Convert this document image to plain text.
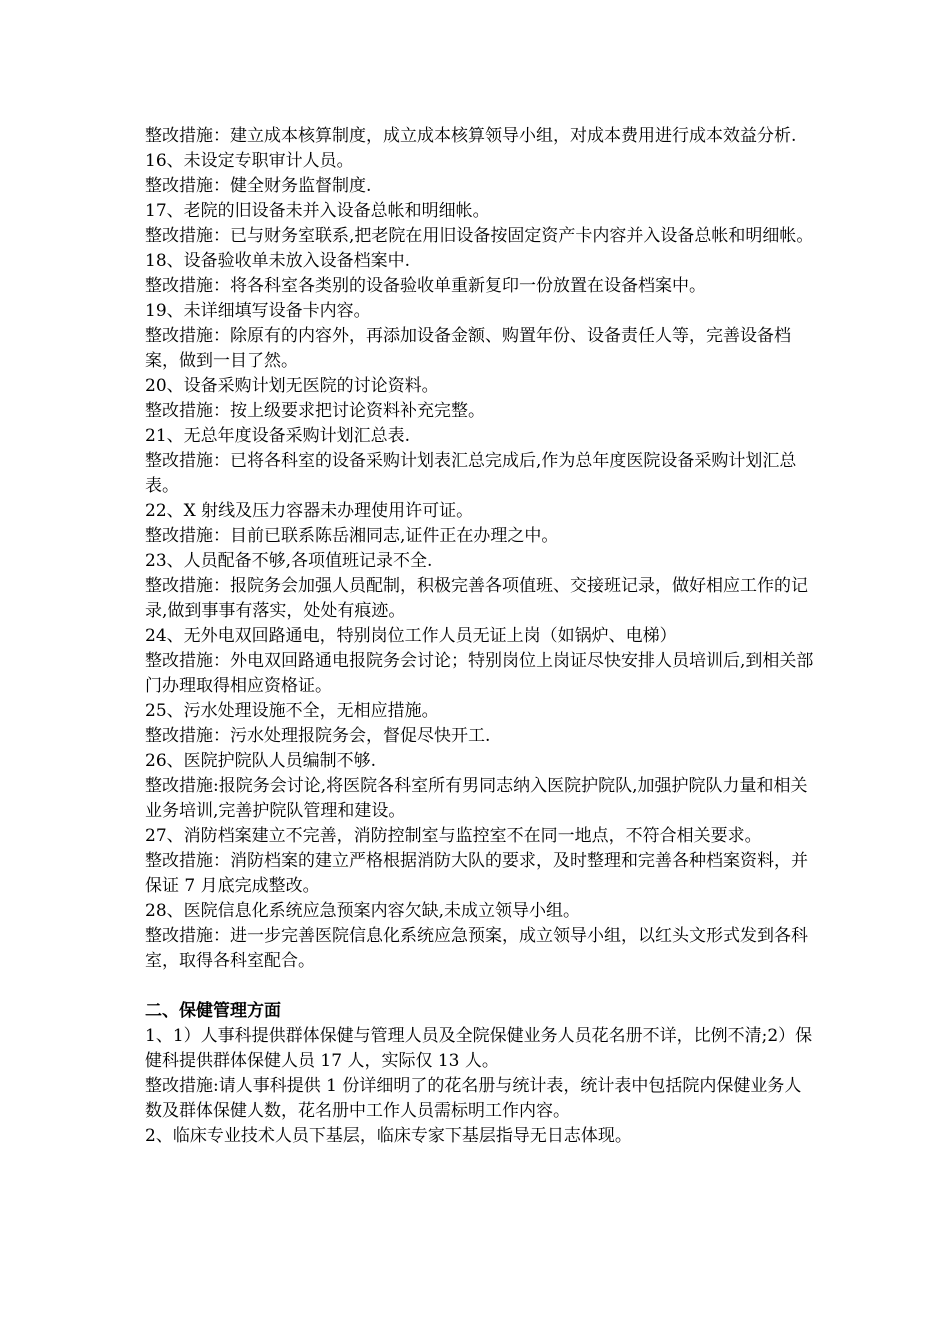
整改措施：建立成本核算制度，成立成本核算领导小组，对成本费用进行成本效益分析.

16、未设定专职审计人员。

整改措施：健全财务监督制度.

17、老院的旧设备未并入设备总帐和明细帐。

整改措施：已与财务室联系,把老院在用旧设备按固定资产卡内容并入设备总帐和明细帐。

18、设备验收单未放入设备档案中.

整改措施：将各科室各类别的设备验收单重新复印一份放置在设备档案中。

19、未详细填写设备卡内容。

整改措施：除原有的内容外，再添加设备金额、购置年份、设备责任人等，完善设备档案，做到一目了然。

20、设备采购计划无医院的讨论资料。

整改措施：按上级要求把讨论资料补充完整。

21、无总年度设备采购计划汇总表.

整改措施：已将各科室的设备采购计划表汇总完成后,作为总年度医院设备采购计划汇总表。

22、X 射线及压力容器未办理使用许可证。

整改措施：目前已联系陈岳湘同志,证件正在办理之中。

23、人员配备不够,各项值班记录不全.

整改措施：报院务会加强人员配制，积极完善各项值班、交接班记录，做好相应工作的记录,做到事事有落实，处处有痕迹。

24、无外电双回路通电，特别岗位工作人员无证上岗（如锅炉、电梯）

整改措施：外电双回路通电报院务会讨论；特别岗位上岗证尽快安排人员培训后,到相关部门办理取得相应资格证。

25、污水处理设施不全，无相应措施。

整改措施：污水处理报院务会，督促尽快开工.

26、医院护院队人员编制不够.

整改措施:报院务会讨论,将医院各科室所有男同志纳入医院护院队,加强护院队力量和相关业务培训,完善护院队管理和建设。

27、消防档案建立不完善，消防控制室与监控室不在同一地点，不符合相关要求。

整改措施：消防档案的建立严格根据消防大队的要求，及时整理和完善各种档案资料，并保证 7 月底完成整改。

28、医院信息化系统应急预案内容欠缺,未成立领导小组。

整改措施：进一步完善医院信息化系统应急预案，成立领导小组，以红头文形式发到各科室，取得各科室配合。

二、保健管理方面

1、1）人事科提供群体保健与管理人员及全院保健业务人员花名册不详，比例不清;2）保健科提供群体保健人员 17 人，实际仅 13 人。

整改措施:请人事科提供 1 份详细明了的花名册与统计表，统计表中包括院内保健业务人数及群体保健人数，花名册中工作人员需标明工作内容。

2、临床专业技术人员下基层，临床专家下基层指导无日志体现。
